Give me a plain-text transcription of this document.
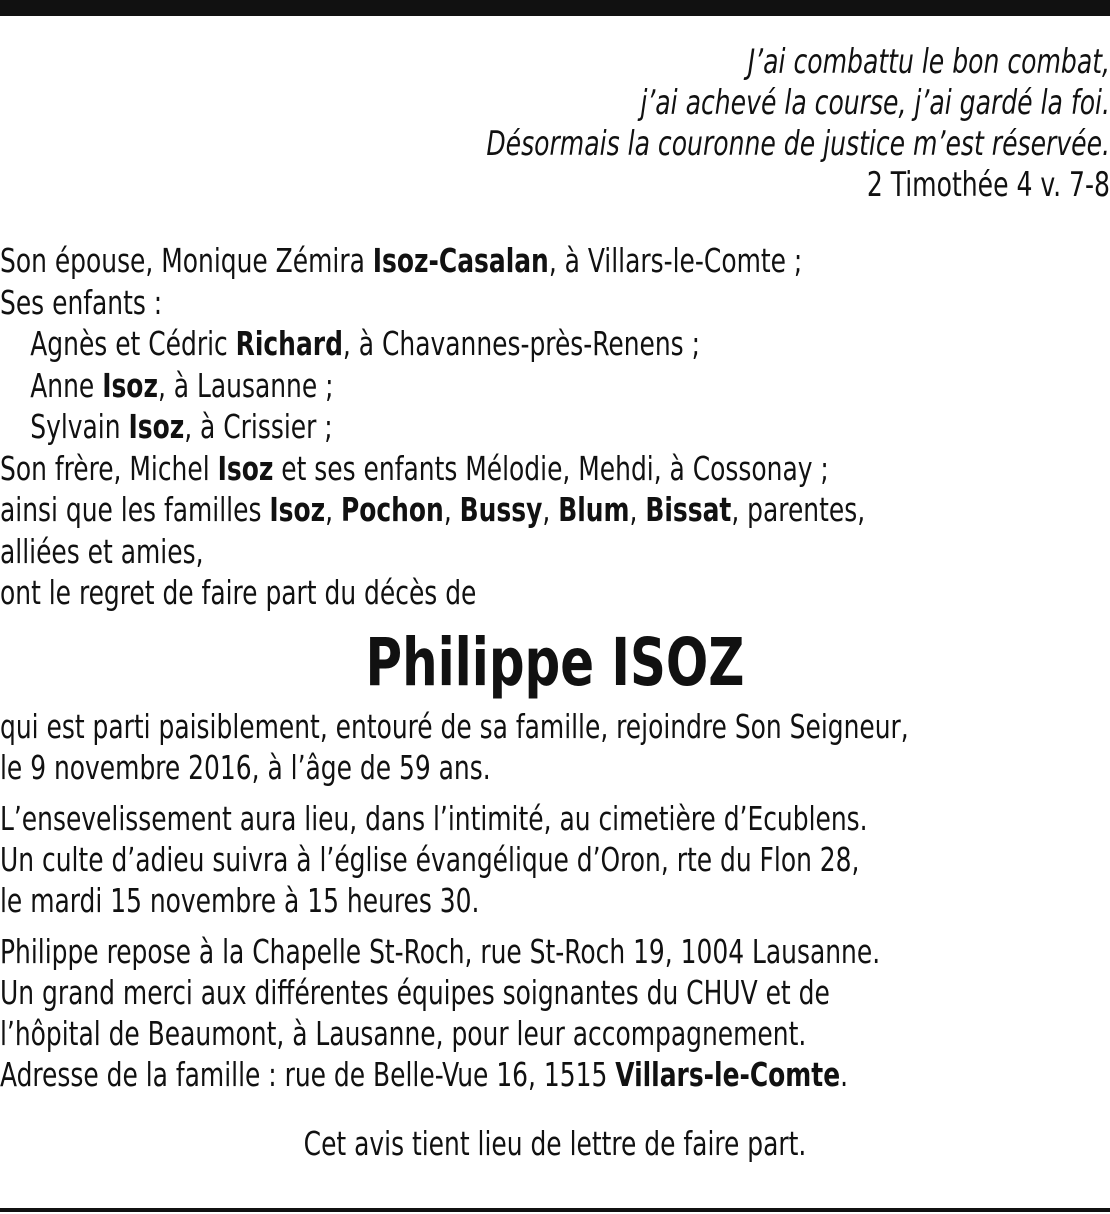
J’ai combattu le bon combat,
j’ai achevé la course, j’ai gardé la foi.
Désormais la couronne de justice m’est réservée.
2 Timothée 4 v. 7-8
Son épouse, Monique Zémira Isoz-Casalan, à Villars-le-Comte ;
Ses enfants :
Agnès et Cédric Richard, à Chavannes-près-Renens ;
Anne Isoz, à Lausanne ;
Sylvain Isoz, à Crissier ;
Son frère, Michel Isoz et ses enfants Mélodie, Mehdi, à Cossonay ;
ainsi que les familles Isoz, Pochon, Bussy, Blum, Bissat, parentes,
alliées et amies,
ont le regret de faire part du décès de
Philippe ISOZ
qui est parti paisiblement, entouré de sa famille, rejoindre Son Seigneur,
le 9 novembre 2016, à l’âge de 59 ans.
L’ensevelissement aura lieu, dans l’intimité, au cimetière d’Ecublens.
Un culte d’adieu suivra à l’église évangélique d’Oron, rte du Flon 28,
le mardi 15 novembre à 15 heures 30.
Philippe repose à la Chapelle St-Roch, rue St-Roch 19, 1004 Lausanne.
Un grand merci aux différentes équipes soignantes du CHUV et de
l’hôpital de Beaumont, à Lausanne, pour leur accompagnement.
Adresse de la famille : rue de Belle-Vue 16, 1515 Villars-le-Comte.
Cet avis tient lieu de lettre de faire part.
